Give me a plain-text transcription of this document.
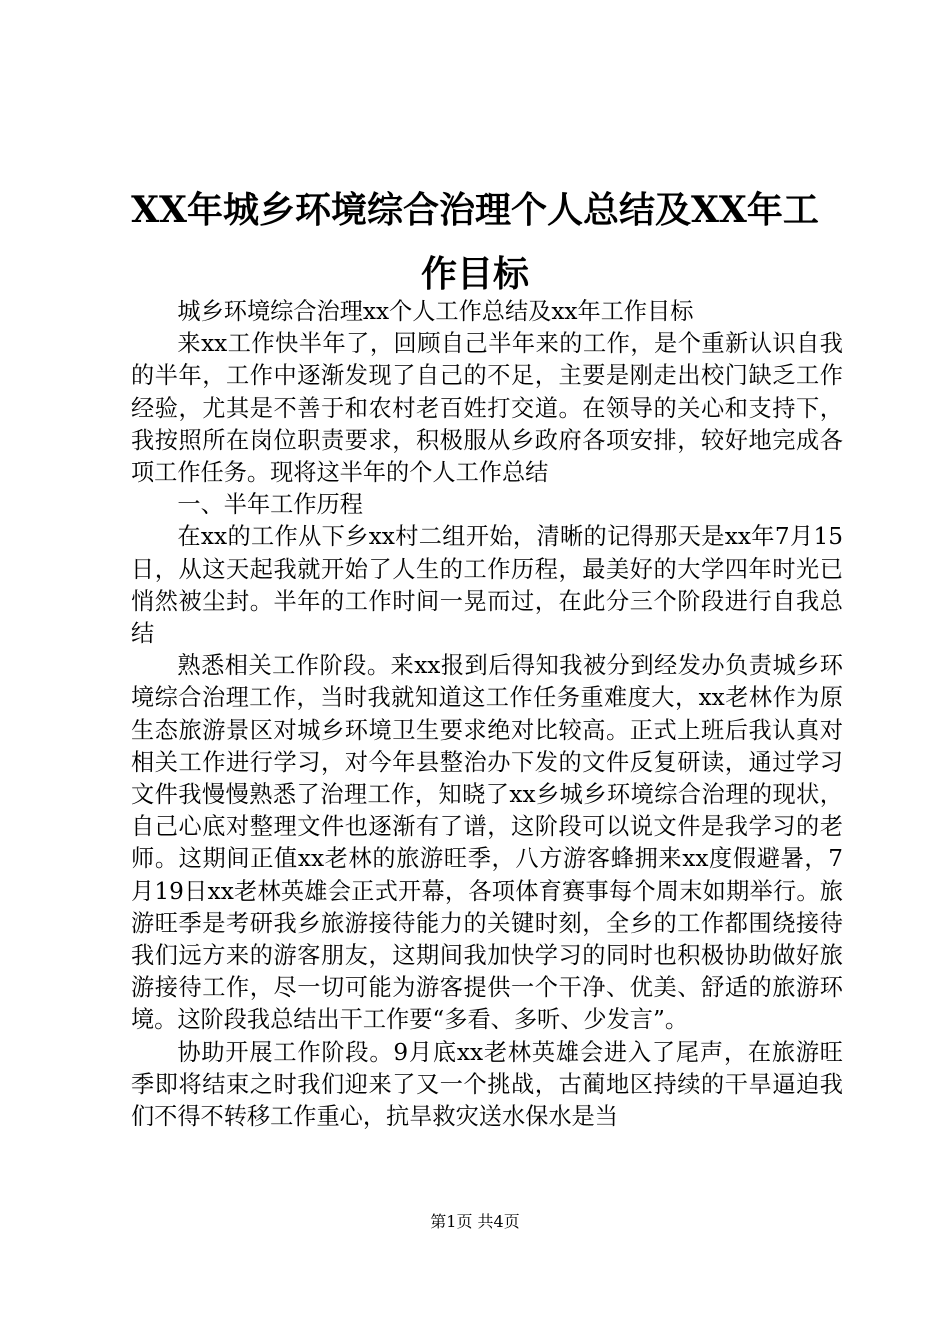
XX年城乡环境综合治理个人总结及XX年工作目标

城乡环境综合治理xx个人工作总结及xx年工作目标

来xx工作快半年了，回顾自己半年来的工作，是个重新认识自我的半年，工作中逐渐发现了自己的不足，主要是刚走出校门缺乏工作经验，尤其是不善于和农村老百姓打交道。在领导的关心和支持下，我按照所在岗位职责要求，积极服从乡政府各项安排，较好地完成各项工作任务。现将这半年的个人工作总结

一、半年工作历程

在xx的工作从下乡xx村二组开始，清晰的记得那天是xx年7月15日，从这天起我就开始了人生的工作历程，最美好的大学四年时光已悄然被尘封。半年的工作时间一晃而过，在此分三个阶段进行自我总结

熟悉相关工作阶段。来xx报到后得知我被分到经发办负责城乡环境综合治理工作，当时我就知道这工作任务重难度大，xx老林作为原生态旅游景区对城乡环境卫生要求绝对比较高。正式上班后我认真对相关工作进行学习，对今年县整治办下发的文件反复研读，通过学习文件我慢慢熟悉了治理工作，知晓了xx乡城乡环境综合治理的现状，自己心底对整理文件也逐渐有了谱，这阶段可以说文件是我学习的老师。这期间正值xx老林的旅游旺季，八方游客蜂拥来xx度假避暑，7月19日xx老林英雄会正式开幕，各项体育赛事每个周末如期举行。旅游旺季是考研我乡旅游接待能力的关键时刻，全乡的工作都围绕接待我们远方来的游客朋友，这期间我加快学习的同时也积极协助做好旅游接待工作，尽一切可能为游客提供一个干净、优美、舒适的旅游环境。这阶段我总结出干工作要“多看、多听、少发言”。

协助开展工作阶段。9月底xx老林英雄会进入了尾声，在旅游旺季即将结束之时我们迎来了又一个挑战，古蔺地区持续的干旱逼迫我们不得不转移工作重心，抗旱救灾送水保水是当

第1页 共4页
